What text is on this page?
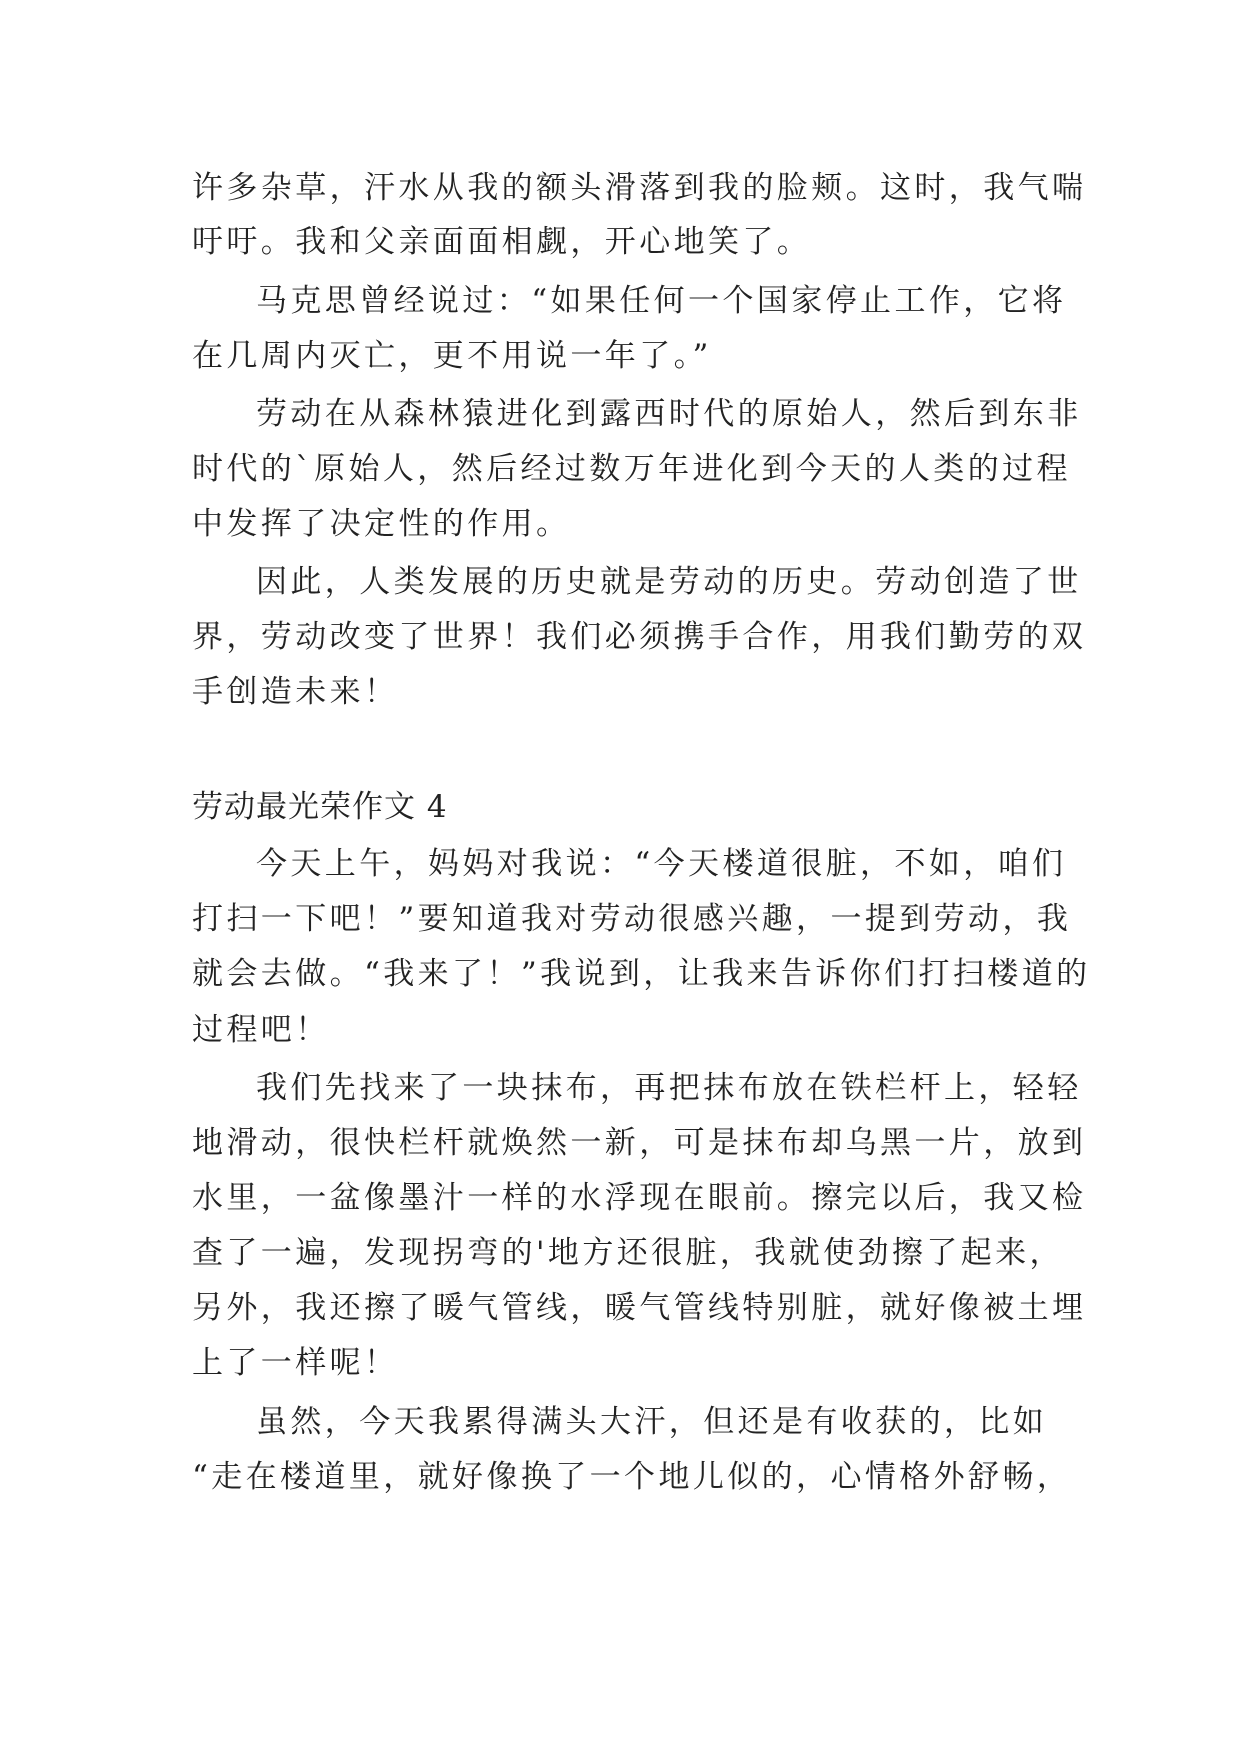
许多杂草，汗水从我的额头滑落到我的脸颊。这时，我气喘
吁吁。我和父亲面面相觑，开心地笑了。
马克思曾经说过：“如果任何一个国家停止工作，它将
在几周内灭亡，更不用说一年了。”
劳动在从森林猿进化到露西时代的原始人，然后到东非
时代的`原始人，然后经过数万年进化到今天的人类的过程
中发挥了决定性的作用。
因此，人类发展的历史就是劳动的历史。劳动创造了世
界，劳动改变了世界！我们必须携手合作，用我们勤劳的双
手创造未来！
劳动最光荣作文 4
今天上午，妈妈对我说：“今天楼道很脏，不如，咱们
打扫一下吧！”要知道我对劳动很感兴趣，一提到劳动，我
就会去做。“我来了！”我说到，让我来告诉你们打扫楼道的
过程吧！
我们先找来了一块抹布，再把抹布放在铁栏杆上，轻轻
地滑动，很快栏杆就焕然一新，可是抹布却乌黑一片，放到
水里，一盆像墨汁一样的水浮现在眼前。擦完以后，我又检
查了一遍，发现拐弯的'地方还很脏，我就使劲擦了起来，
另外，我还擦了暖气管线，暖气管线特别脏，就好像被土埋
上了一样呢！
虽然，今天我累得满头大汗，但还是有收获的，比如
“走在楼道里，就好像换了一个地儿似的，心情格外舒畅，
